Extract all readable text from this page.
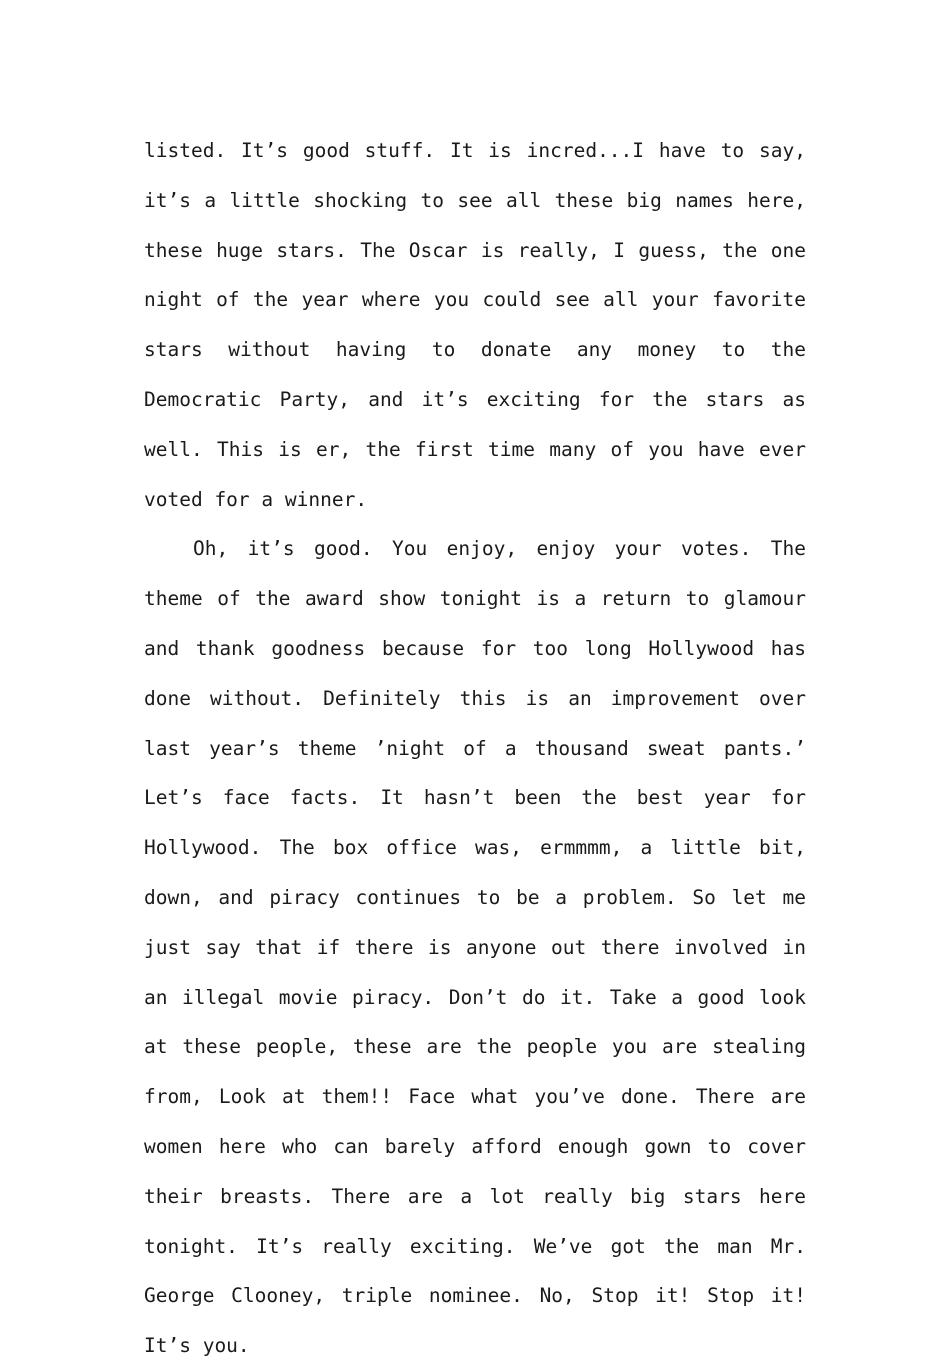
listed. It’s good stuff. It is incred...I have to say, it’s a little shocking to see all these big names here, these huge stars. The Oscar is really, I guess, the one night of the year where you could see all your favorite stars without having to donate any money to the Democratic Party, and it’s exciting for the stars as well. This is er, the first time many of you have ever voted for a winner.

Oh, it’s good. You enjoy, enjoy your votes. The theme of the award show tonight is a return to glamour and thank goodness because for too long Hollywood has done without. Definitely this is an improvement over last year’s theme ’night of a thousand sweat pants.’ Let’s face facts. It hasn’t been the best year for Hollywood. The box office was, ermmmm, a little bit, down, and piracy continues to be a problem. So let me just say that if there is anyone out there involved in an illegal movie piracy. Don’t do it. Take a good look at these people, these are the people you are stealing from, Look at them!! Face what you’ve done. There are women here who can barely afford enough gown to cover their breasts. There are a lot really big stars here tonight. It’s really exciting. We’ve got the man Mr. George Clooney, triple nominee. No, Stop it! Stop it! It’s you.
